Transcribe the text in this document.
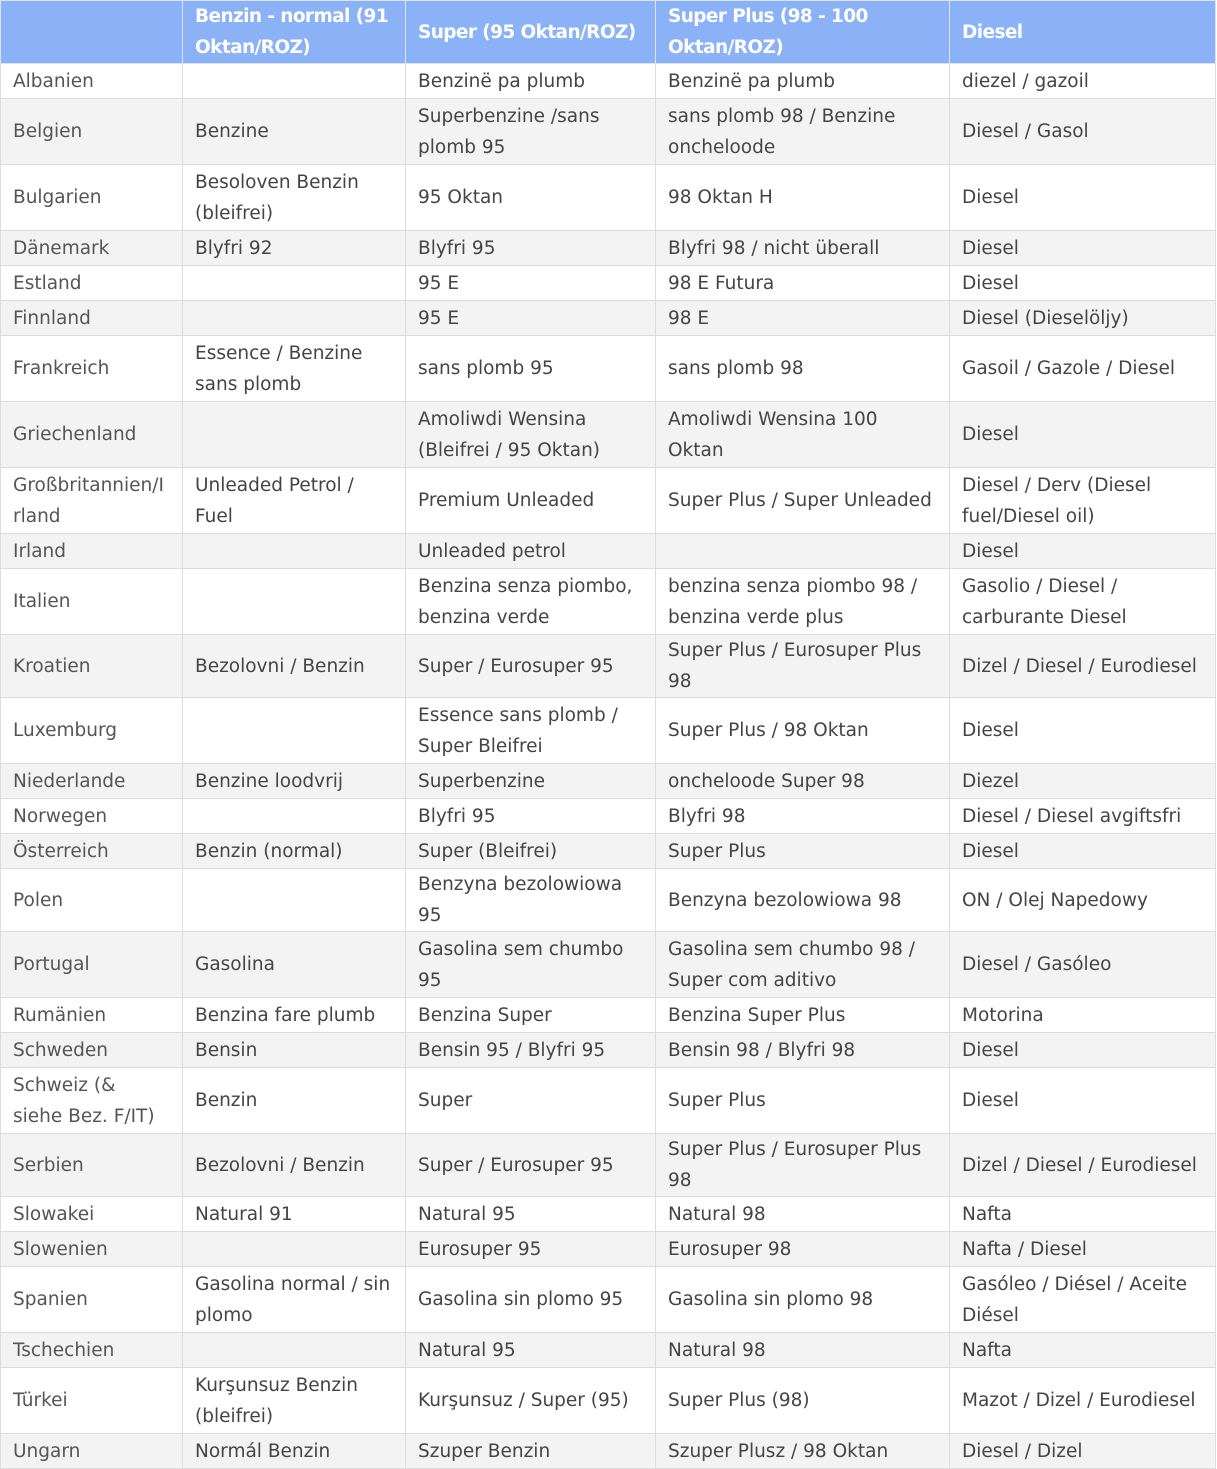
	Benzin - normal (91 Oktan/ROZ)	Super (95 Oktan/ROZ)	Super Plus (98 - 100 Oktan/ROZ)	Diesel
Albanien		Benzinë pa plumb	Benzinë pa plumb	diezel / gazoil
Belgien	Benzine	Superbenzine /sans plomb 95	sans plomb 98 / Benzine oncheloode	Diesel / Gasol
Bulgarien	Besoloven Benzin (bleifrei)	95 Oktan	98 Oktan H	Diesel
Dänemark	Blyfri 92	Blyfri 95	Blyfri 98 / nicht überall	Diesel
Estland		95 E	98 E Futura	Diesel
Finnland		95 E	98 E	Diesel (Dieselöljy)
Frankreich	Essence / Benzine sans plomb	sans plomb 95	sans plomb 98	Gasoil / Gazole / Diesel
Griechenland		Amoliwdi Wensina (Bleifrei / 95 Oktan)	Amoliwdi Wensina 100 Oktan	Diesel
Großbritannien/Irland	Unleaded Petrol / Fuel	Premium Unleaded	Super Plus / Super Unleaded	Diesel / Derv (Diesel fuel/Diesel oil)
Irland		Unleaded petrol		Diesel
Italien		Benzina senza piombo, benzina verde	benzina senza piombo 98 / benzina verde plus	Gasolio / Diesel / carburante Diesel
Kroatien	Bezolovni / Benzin	Super / Eurosuper 95	Super Plus / Eurosuper Plus 98	Dizel / Diesel / Eurodiesel
Luxemburg		Essence sans plomb / Super Bleifrei	Super Plus / 98 Oktan	Diesel
Niederlande	Benzine loodvrij	Superbenzine	oncheloode Super 98	Diezel
Norwegen		Blyfri 95	Blyfri 98	Diesel / Diesel avgiftsfri
Österreich	Benzin (normal)	Super (Bleifrei)	Super Plus	Diesel
Polen		Benzyna bezolowiowa 95	Benzyna bezolowiowa 98	ON / Olej Napedowy
Portugal	Gasolina	Gasolina sem chumbo 95	Gasolina sem chumbo 98 / Super com aditivo	Diesel / Gasóleo
Rumänien	Benzina fare plumb	Benzina Super	Benzina Super Plus	Motorina
Schweden	Bensin	Bensin 95 / Blyfri 95	Bensin 98 / Blyfri 98	Diesel
Schweiz (& siehe Bez. F/IT)	Benzin	Super	Super Plus	Diesel
Serbien	Bezolovni / Benzin	Super / Eurosuper 95	Super Plus / Eurosuper Plus 98	Dizel / Diesel / Eurodiesel
Slowakei	Natural 91	Natural 95	Natural 98	Nafta
Slowenien		Eurosuper 95	Eurosuper 98	Nafta / Diesel
Spanien	Gasolina normal / sin plomo	Gasolina sin plomo 95	Gasolina sin plomo 98	Gasóleo / Diésel / Aceite Diésel
Tschechien		Natural 95	Natural 98	Nafta
Türkei	Kurşunsuz Benzin (bleifrei)	Kurşunsuz / Super (95)	Super Plus (98)	Mazot / Dizel / Eurodiesel
Ungarn	Normál Benzin	Szuper Benzin	Szuper Plusz / 98 Oktan	Diesel / Dizel
